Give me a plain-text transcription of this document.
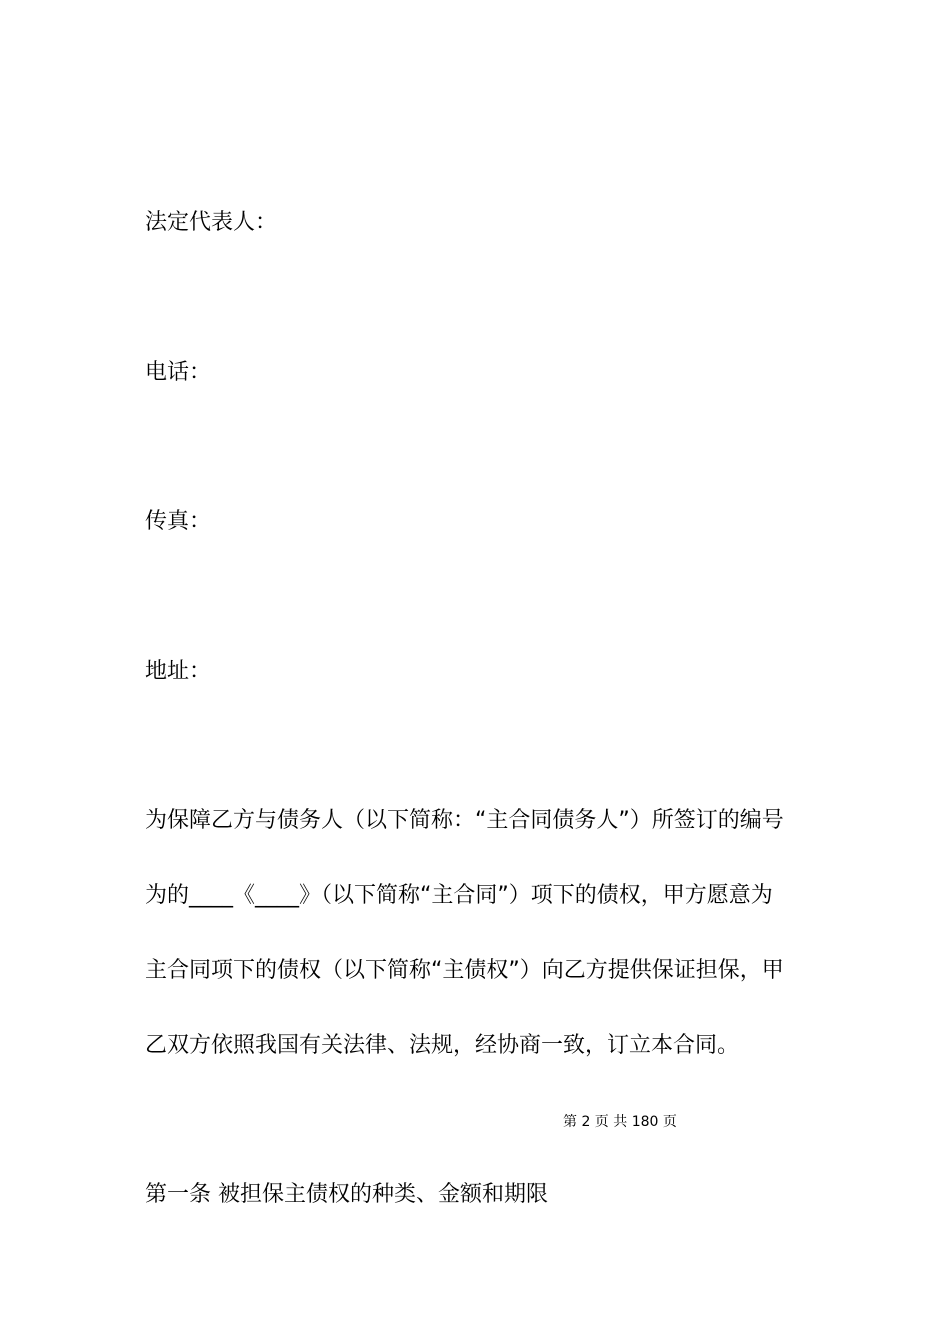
法定代表人：

电话：

传真：

地址：

为保障乙方与债务人（以下简称：“主合同债务人”）所签订的编号

为的____《____》（以下简称“主合同”）项下的债权，甲方愿意为

主合同项下的债权（以下简称“主债权”）向乙方提供保证担保，甲

乙双方依照我国有关法律、法规，经协商一致，订立本合同。

第 2 页 共 180 页

第一条 被担保主债权的种类、金额和期限
